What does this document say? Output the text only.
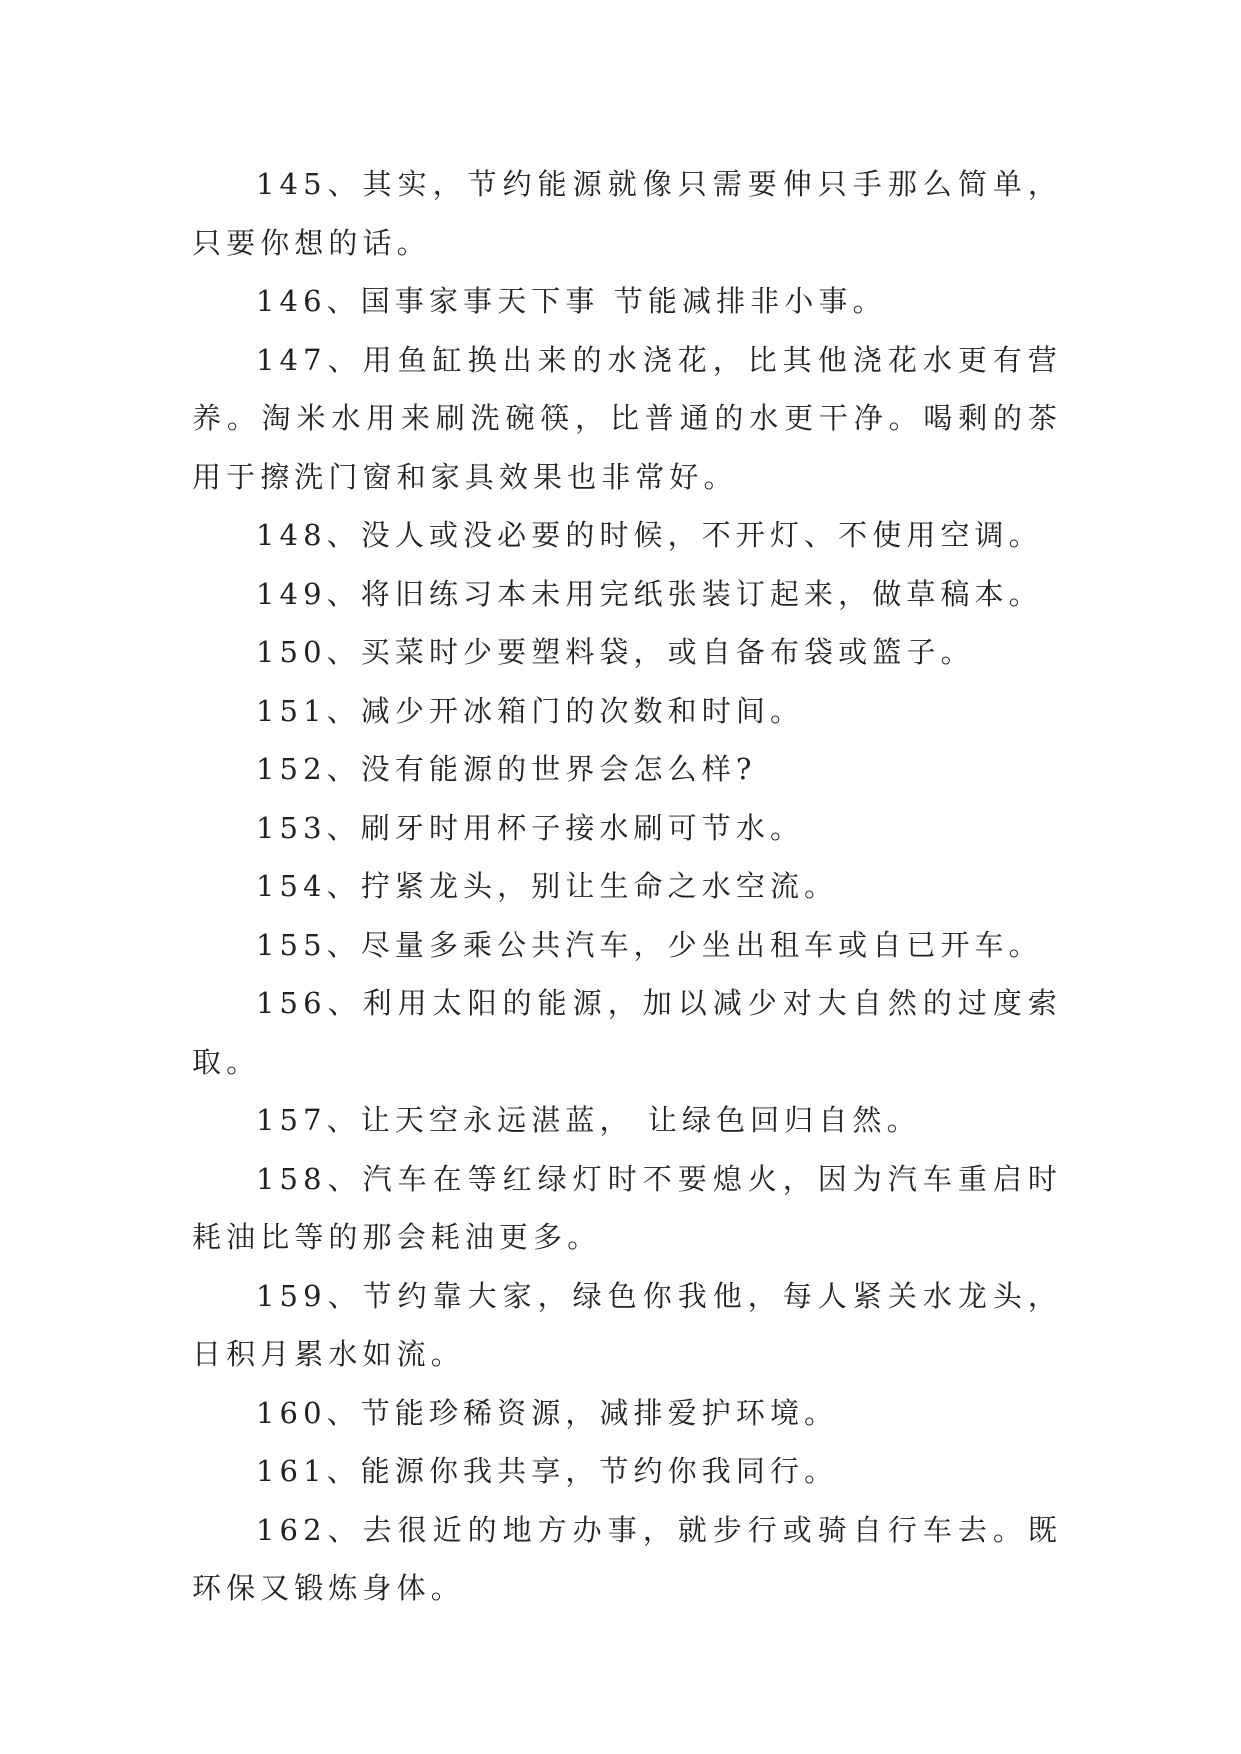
145、其实，节约能源就像只需要伸只手那么简单，只要你想的话。

146、国事家事天下事 节能减排非小事。

147、用鱼缸换出来的水浇花，比其他浇花水更有营养。淘米水用来刷洗碗筷，比普通的水更干净。喝剩的茶用于擦洗门窗和家具效果也非常好。

148、没人或没必要的时候，不开灯、不使用空调。

149、将旧练习本未用完纸张装订起来，做草稿本。

150、买菜时少要塑料袋，或自备布袋或篮子。

151、减少开冰箱门的次数和时间。

152、没有能源的世界会怎么样?

153、刷牙时用杯子接水刷可节水。

154、拧紧龙头，别让生命之水空流。

155、尽量多乘公共汽车，少坐出租车或自已开车。

156、利用太阳的能源，加以减少对大自然的过度索取。

157、让天空永远湛蓝， 让绿色回归自然。

158、汽车在等红绿灯时不要熄火，因为汽车重启时耗油比等的那会耗油更多。

159、节约靠大家，绿色你我他，每人紧关水龙头，日积月累水如流。

160、节能珍稀资源，减排爱护环境。

161、能源你我共享，节约你我同行。

162、去很近的地方办事，就步行或骑自行车去。既环保又锻炼身体。
